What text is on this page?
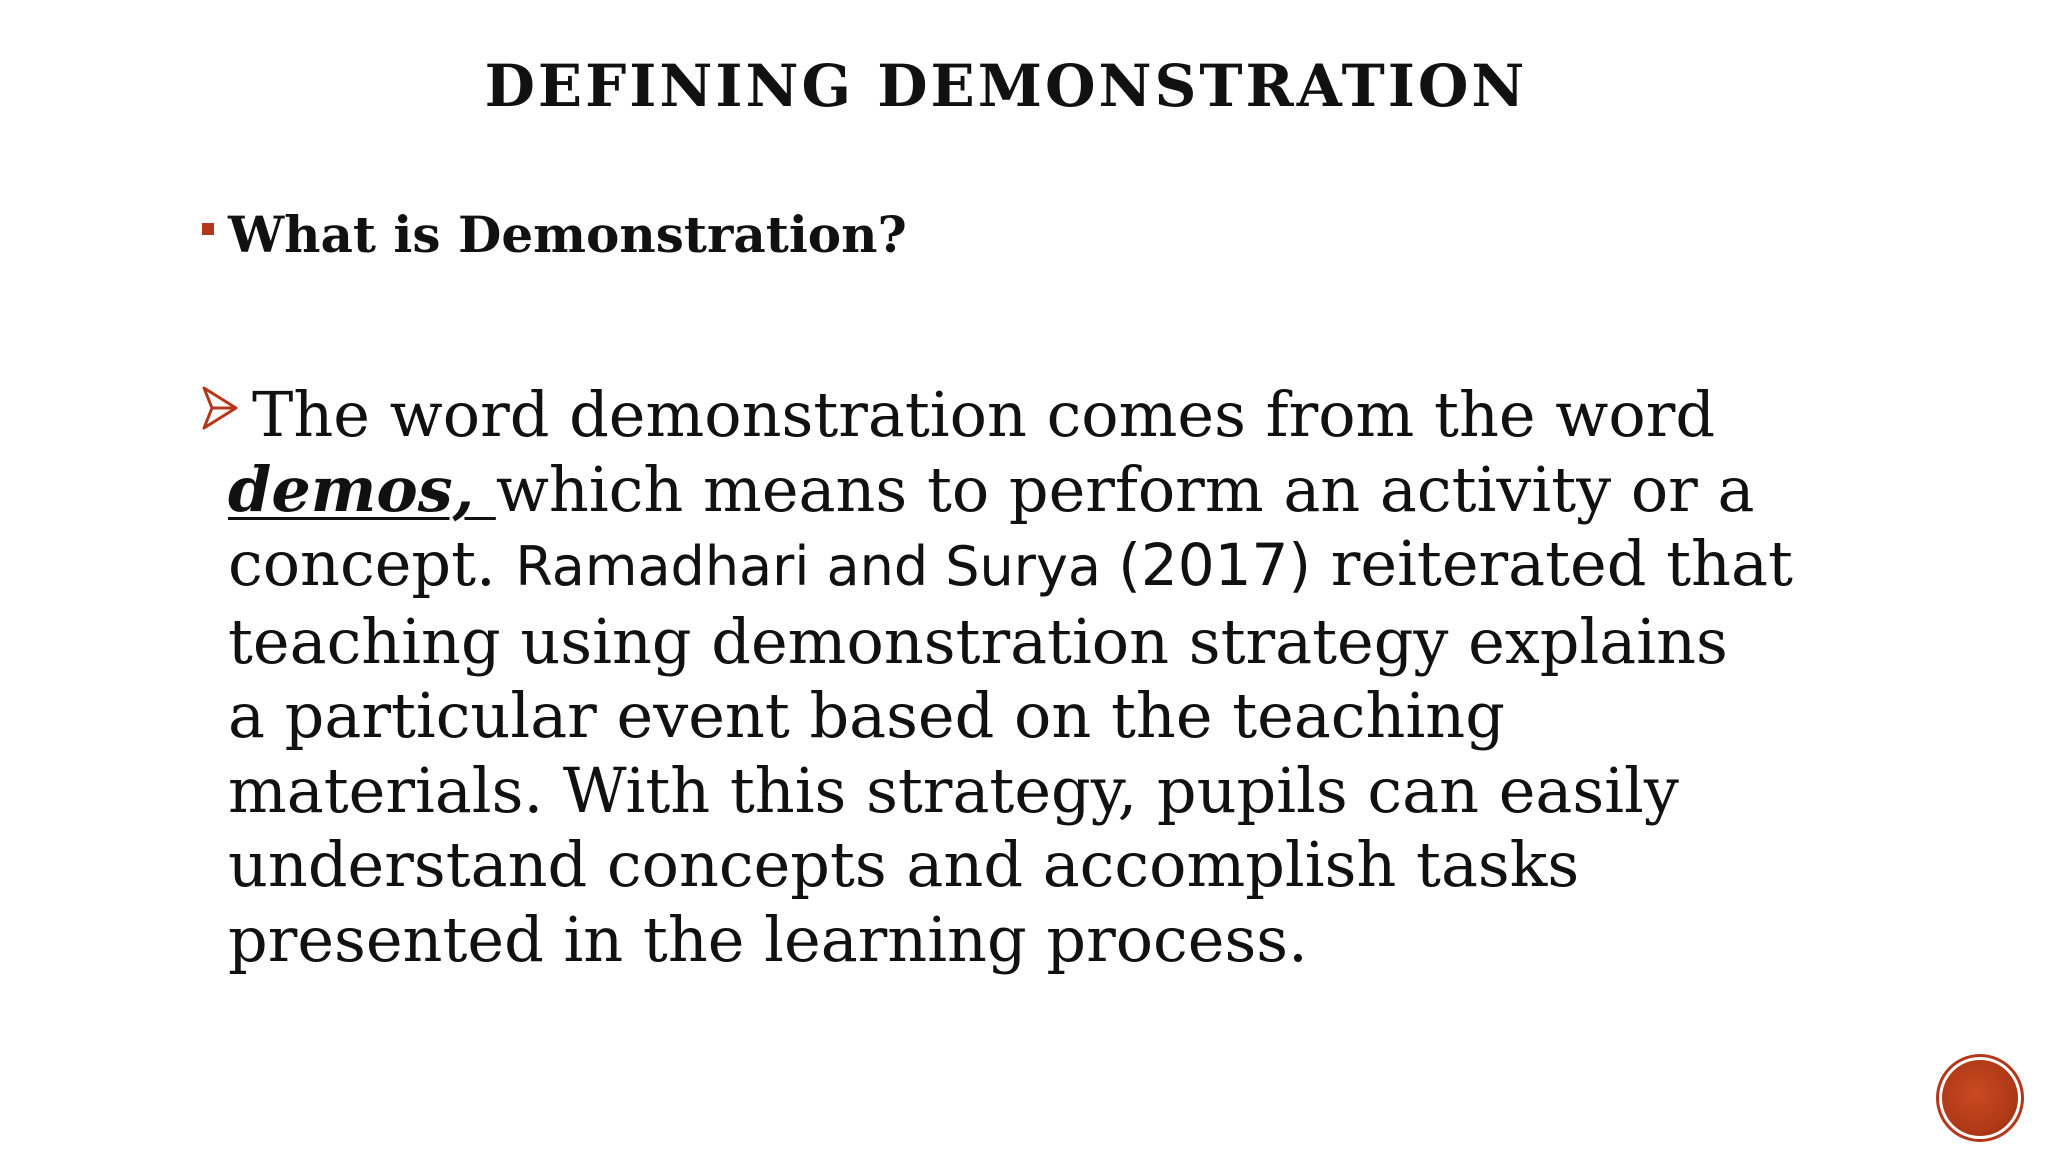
DEFINING DEMONSTRATION
What is Demonstration?
The word demonstration comes from the word
demos, which means to perform an activity or a
concept. Ramadhari and Surya (2017) reiterated that
teaching using demonstration strategy explains
a particular event based on the teaching
materials. With this strategy, pupils can easily
understand concepts and accomplish tasks
presented in the learning process.
